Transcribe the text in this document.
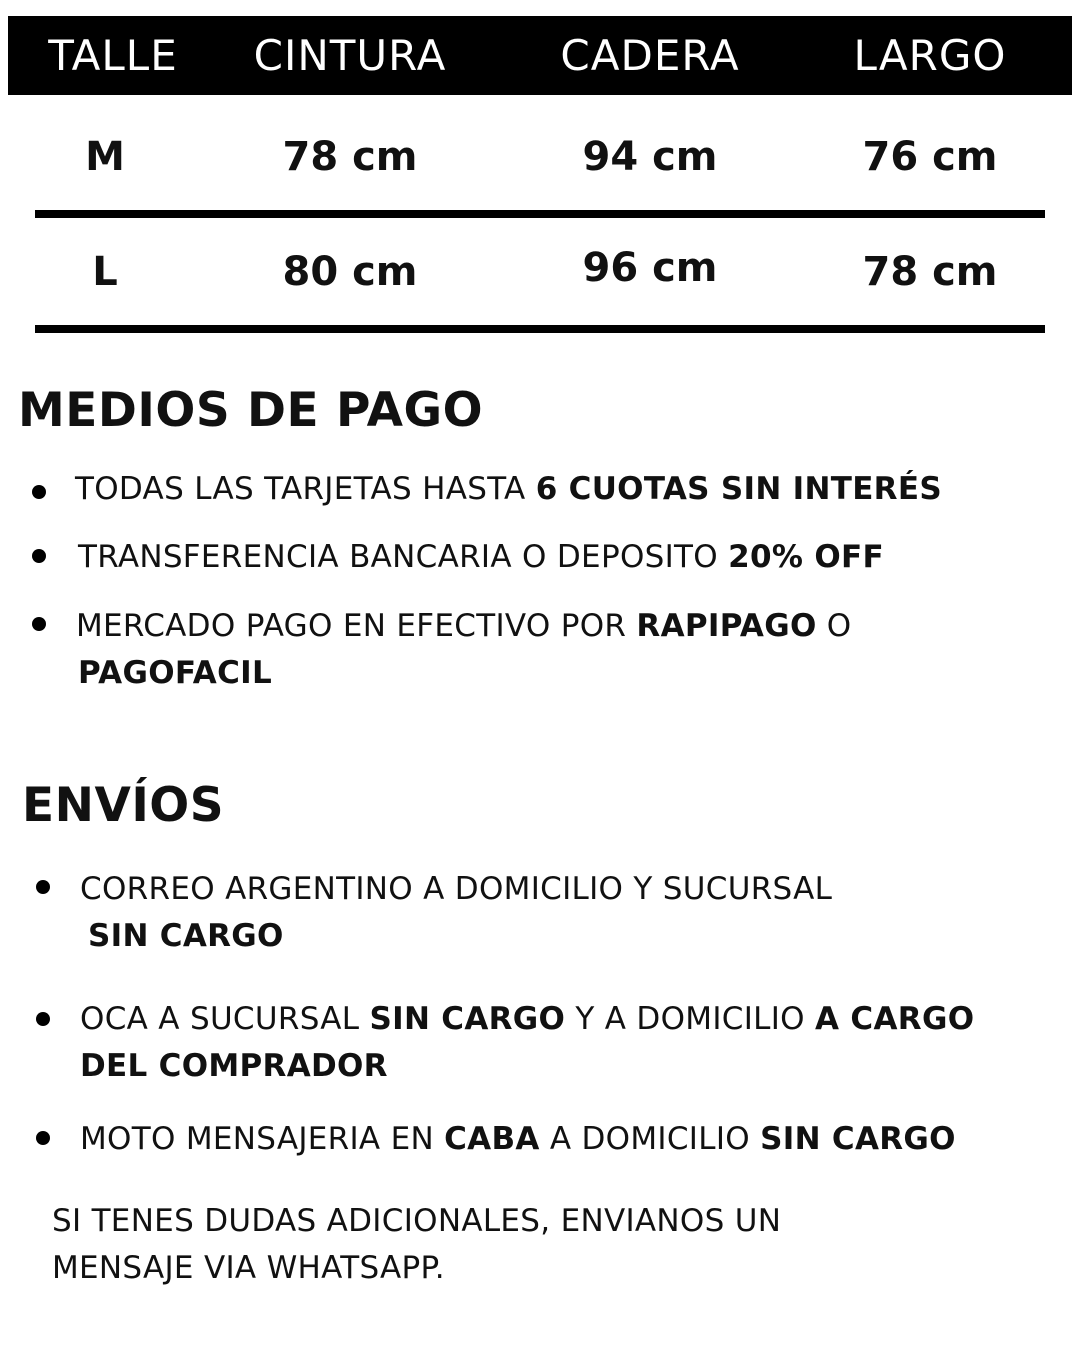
TALLE	CINTURA	CADERA	LARGO
M	78 cm	94 cm	76 cm
L	80 cm	96 cm	78 cm
MEDIOS DE PAGO
TODAS LAS TARJETAS HASTA 6 CUOTAS SIN INTERÉS
TRANSFERENCIA BANCARIA O DEPOSITO 20% OFF
MERCADO PAGO EN EFECTIVO POR RAPIPAGO O
PAGOFACIL
ENVÍOS
CORREO ARGENTINO A DOMICILIO Y SUCURSAL
SIN CARGO
OCA A SUCURSAL SIN CARGO Y A DOMICILIO A CARGO
DEL COMPRADOR
MOTO MENSAJERIA EN CABA A DOMICILIO SIN CARGO
SI TENES DUDAS ADICIONALES, ENVIANOS UN
MENSAJE VIA WHATSAPP.
